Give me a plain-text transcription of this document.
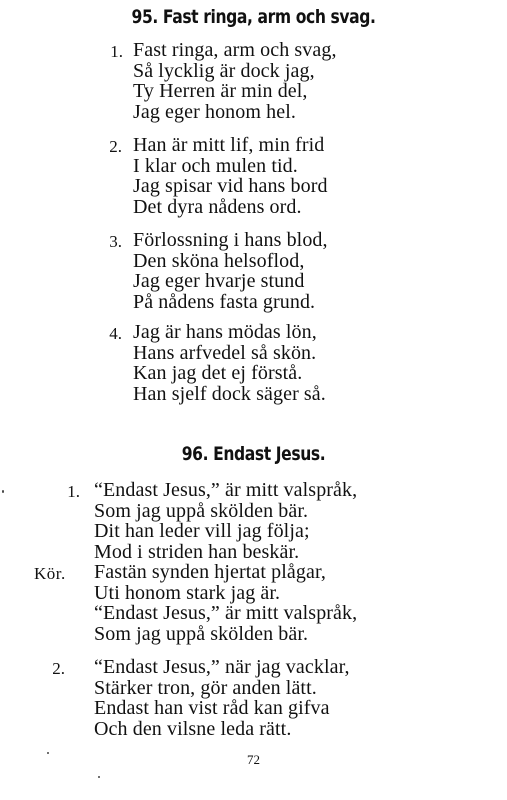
95. Fast ringa, arm och svag.
1. Fast ringa, arm och svag,
Så lycklig är dock jag,
Ty Herren är min del,
Jag eger honom hel.
2. Han är mitt lif, min frid
I klar och mulen tid.
Jag spisar vid hans bord
Det dyra nådens ord.
3. Förlossning i hans blod,
Den sköna helsoflod,
Jag eger hvarje stund
På nådens fasta grund.
4. Jag är hans mödas lön,
Hans arfvedel så skön.
Kan jag det ej förstå.
Han sjelf dock säger så.
96. Endast Jesus.
1. “Endast Jesus,” är mitt valspråk,
Som jag uppå skölden bär.
Dit han leder vill jag följa;
Mod i striden han beskär.
Kör. Fastän synden hjertat plågar,
Uti honom stark jag är.
“Endast Jesus,” är mitt valspråk,
Som jag uppå skölden bär.
2. “Endast Jesus,” när jag vacklar,
Stärker tron, gör anden lätt.
Endast han vist råd kan gifva
Och den vilsne leda rätt.
72
